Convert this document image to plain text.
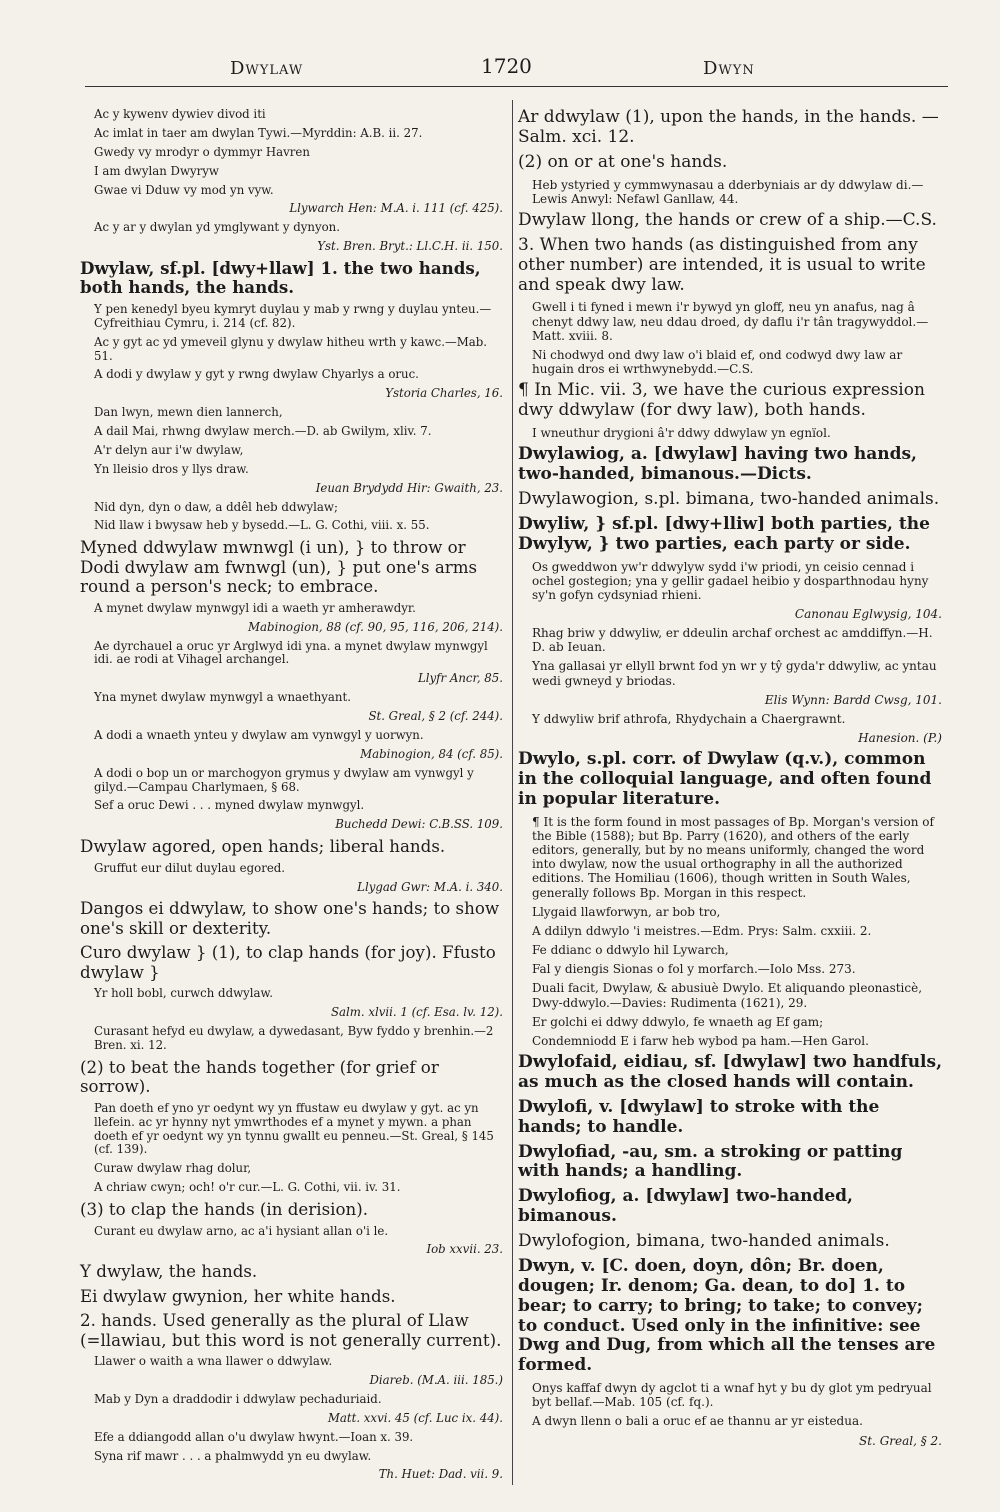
Dwylaw	1720	Dwyn

Ac y kywenv dywiev divod iti

Ac imlat in taer am dwylan Tywi.—Myrddin: A.B. ii. 27.

Gwedy vy mrodyr o dymmyr Havren

I am dwylan Dwyryw

Gwae vi Dduw vy mod yn vyw.

Llywarch Hen: M.A. i. 111 (cf. 425).

Ac y ar y dwylan yd ymglywant y dynyon.

Yst. Bren. Bryt.: Ll.C.H. ii. 150.

Dwylaw, sf.pl. [dwy+llaw] 1. the two hands, both hands, the hands.

Y pen kenedyl byeu kymryt duylau y mab y rwng y duylau ynteu.—Cyfreithiau Cymru, i. 214 (cf. 82).

Ac y gyt ac yd ymeveil glynu y dwylaw hitheu wrth y kawc.—Mab. 51.

A dodi y dwylaw y gyt y rwng dwylaw Chyarlys a oruc.

Ystoria Charles, 16.

Dan lwyn, mewn dien lannerch,

A dail Mai, rhwng dwylaw merch.—D. ab Gwilym, xliv. 7.

A'r delyn aur i'w dwylaw,

Yn lleisio dros y llys draw.

Ieuan Brydydd Hir: Gwaith, 23.

Nid dyn, dyn o daw, a ddêl heb ddwylaw;

Nid llaw i bwysaw heb y bysedd.—L. G. Cothi, viii. x. 55.

Myned ddwylaw mwnwgl (i un), } to throw or Dodi dwylaw am fwnwgl (un), } put one's arms round a person's neck; to embrace.

A mynet dwylaw mynwgyl idi a waeth yr amherawdyr.

Mabinogion, 88 (cf. 90, 95, 116, 206, 214).

Ae dyrchauel a oruc yr Arglwyd idi yna. a mynet dwylaw mynwgyl idi. ae rodi at Vihagel archangel.

Llyfr Ancr, 85.

Yna mynet dwylaw mynwgyl a wnaethyant.

St. Greal, § 2 (cf. 244).

A dodi a wnaeth ynteu y dwylaw am vynwgyl y uorwyn.

Mabinogion, 84 (cf. 85).

A dodi o bop un or marchogyon grymus y dwylaw am vynwgyl y gilyd.—Campau Charlymaen, § 68.

Sef a oruc Dewi . . . myned dwylaw mynwgyl.

Buchedd Dewi: C.B.SS. 109.

Dwylaw agored, open hands; liberal hands.

Gruffut eur dilut duylau egored.

Llygad Gwr: M.A. i. 340.

Dangos ei ddwylaw, to show one's hands; to show one's skill or dexterity.

Curo dwylaw } (1), to clap hands (for joy). Ffusto dwylaw }

Yr holl bobl, curwch ddwylaw.

Salm. xlvii. 1 (cf. Esa. lv. 12).

Curasant hefyd eu dwylaw, a dywedasant, Byw fyddo y brenhin.—2 Bren. xi. 12.

(2) to beat the hands together (for grief or sorrow).

Pan doeth ef yno yr oedynt wy yn ffustaw eu dwylaw y gyt. ac yn llefein. ac yr hynny nyt ymwrthodes ef a mynet y mywn. a phan doeth ef yr oedynt wy yn tynnu gwallt eu penneu.—St. Greal, § 145 (cf. 139).

Curaw dwylaw rhag dolur,

A chriaw cwyn; och! o'r cur.—L. G. Cothi, vii. iv. 31.

(3) to clap the hands (in derision).

Curant eu dwylaw arno, ac a'i hysiant allan o'i le.

Iob xxvii. 23.

Y dwylaw, the hands.

Ei dwylaw gwynion, her white hands.

2. hands. Used generally as the plural of Llaw (=llawiau, but this word is not generally current).

Llawer o waith a wna llawer o ddwylaw.

Diareb. (M.A. iii. 185.)

Mab y Dyn a draddodir i ddwylaw pechaduriaid.

Matt. xxvi. 45 (cf. Luc ix. 44).

Efe a ddiangodd allan o'u dwylaw hwynt.—Ioan x. 39.

Syna rif mawr . . . a phalmwydd yn eu dwylaw.

Th. Huet: Dad. vii. 9.

Ar ddwylaw (1), upon the hands, in the hands. —Salm. xci. 12.

(2) on or at one's hands.

Heb ystyried y cymmwynasau a dderbyniais ar dy ddwylaw di.—Lewis Anwyl: Nefawl Ganllaw, 44.

Dwylaw llong, the hands or crew of a ship.—C.S.

3. When two hands (as distinguished from any other number) are intended, it is usual to write and speak dwy law.

Gwell i ti fyned i mewn i'r bywyd yn gloff, neu yn anafus, nag â chenyt ddwy law, neu ddau droed, dy daflu i'r tân tragywyddol.—Matt. xviii. 8.

Ni chodwyd ond dwy law o'i blaid ef, ond codwyd dwy law ar hugain dros ei wrthwynebydd.—C.S.

¶ In Mic. vii. 3, we have the curious expression dwy ddwylaw (for dwy law), both hands.

I wneuthur drygioni â'r ddwy ddwylaw yn egnïol.

Dwylawiog, a. [dwylaw] having two hands, two-handed, bimanous.—Dicts.

Dwylawogion, s.pl. bimana, two-handed animals.

Dwyliw, } sf.pl. [dwy+lliw] both parties, the Dwylyw, } two parties, each party or side.

Os gweddwon yw'r ddwylyw sydd i'w priodi, yn ceisio cennad i ochel gostegion; yna y gellir gadael heibio y dosparthnodau hyny sy'n gofyn cydsyniad rhieni.

Canonau Eglwysig, 104.

Rhag briw y ddwyliw, er ddeulin archaf orchest ac amddiffyn.—H. D. ab Ieuan.

Yna gallasai yr ellyll brwnt fod yn wr y tŷ gyda'r ddwyliw, ac yntau wedi gwneyd y briodas.

Elis Wynn: Bardd Cwsg, 101.

Y ddwyliw brif athrofa, Rhydychain a Chaergrawnt.

Hanesion. (P.)

Dwylo, s.pl. corr. of Dwylaw (q.v.), common in the colloquial language, and often found in popular literature.

¶ It is the form found in most passages of Bp. Morgan's version of the Bible (1588); but Bp. Parry (1620), and others of the early editors, generally, but by no means uniformly, changed the word into dwylaw, now the usual orthography in all the authorized editions. The Homiliau (1606), though written in South Wales, generally follows Bp. Morgan in this respect.

Llygaid llawforwyn, ar bob tro,

A ddilyn ddwylo 'i meistres.—Edm. Prys: Salm. cxxiii. 2.

Fe ddianc o ddwylo hil Lywarch,

Fal y diengis Sionas o fol y morfarch.—Iolo Mss. 273.

Duali facit, Dwylaw, & abusiuè Dwylo. Et aliquando pleonasticè, Dwy-ddwylo.—Davies: Rudimenta (1621), 29.

Er golchi ei ddwy ddwylo, fe wnaeth ag Ef gam;

Condemniodd E i farw heb wybod pa ham.—Hen Garol.

Dwylofaid, eidiau, sf. [dwylaw] two handfuls, as much as the closed hands will contain.

Dwylofi, v. [dwylaw] to stroke with the hands; to handle.

Dwylofiad, -au, sm. a stroking or patting with hands; a handling.

Dwylofiog, a. [dwylaw] two-handed, bimanous.

Dwylofogion, bimana, two-handed animals.

Dwyn, v. [C. doen, doyn, dôn; Br. doen, dougen; Ir. denom; Ga. dean, to do] 1. to bear; to carry; to bring; to take; to convey; to conduct. Used only in the infinitive: see Dwg and Dug, from which all the tenses are formed.

Onys kaffaf dwyn dy agclot ti a wnaf hyt y bu dy glot ym pedryual byt bellaf.—Mab. 105 (cf. fq.).

A dwyn llenn o bali a oruc ef ae thannu ar yr eistedua.

St. Greal, § 2.
